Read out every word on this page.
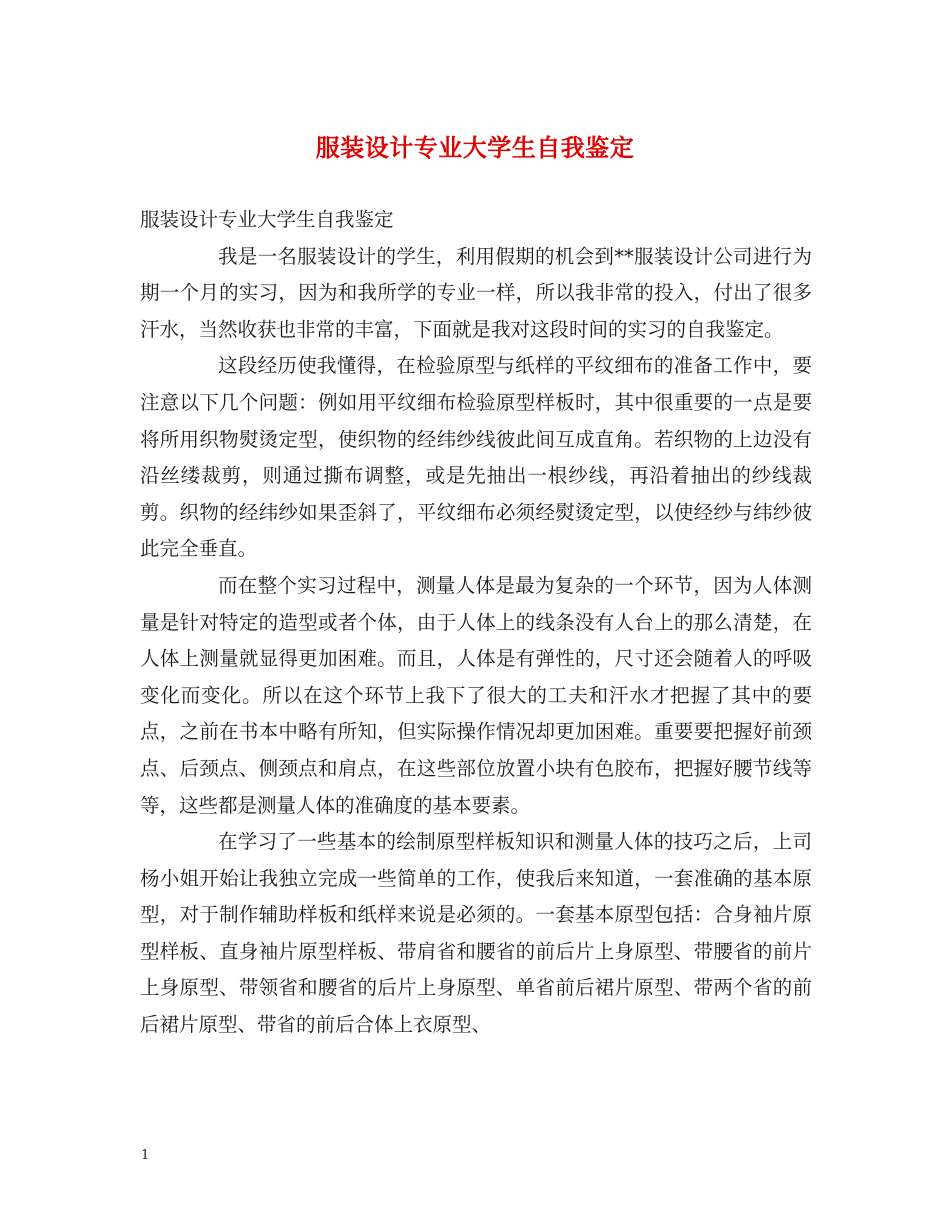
服装设计专业大学生自我鉴定

服装设计专业大学生自我鉴定

我是一名服装设计的学生，利用假期的机会到**服装设计公司进行为期一个月的实习，因为和我所学的专业一样，所以我非常的投入，付出了很多汗水，当然收获也非常的丰富，下面就是我对这段时间的实习的自我鉴定。

这段经历使我懂得，在检验原型与纸样的平纹细布的准备工作中，要注意以下几个问题：例如用平纹细布检验原型样板时，其中很重要的一点是要将所用织物熨烫定型，使织物的经纬纱线彼此间互成直角。若织物的上边没有沿丝缕裁剪，则通过撕布调整，或是先抽出一根纱线，再沿着抽出的纱线裁剪。织物的经纬纱如果歪斜了，平纹细布必须经熨烫定型，以使经纱与纬纱彼此完全垂直。

而在整个实习过程中，测量人体是最为复杂的一个环节，因为人体测量是针对特定的造型或者个体，由于人体上的线条没有人台上的那么清楚，在人体上测量就显得更加困难。而且，人体是有弹性的，尺寸还会随着人的呼吸变化而变化。所以在这个环节上我下了很大的工夫和汗水才把握了其中的要点，之前在书本中略有所知，但实际操作情况却更加困难。重要要把握好前颈点、后颈点、侧颈点和肩点，在这些部位放置小块有色胶布，把握好腰节线等等，这些都是测量人体的准确度的基本要素。

在学习了一些基本的绘制原型样板知识和测量人体的技巧之后，上司杨小姐开始让我独立完成一些简单的工作，使我后来知道，一套准确的基本原型，对于制作辅助样板和纸样来说是必须的。一套基本原型包括：合身袖片原型样板、直身袖片原型样板、带肩省和腰省的前后片上身原型、带腰省的前片上身原型、带领省和腰省的后片上身原型、单省前后裙片原型、带两个省的前后裙片原型、带省的前后合体上衣原型、

1
